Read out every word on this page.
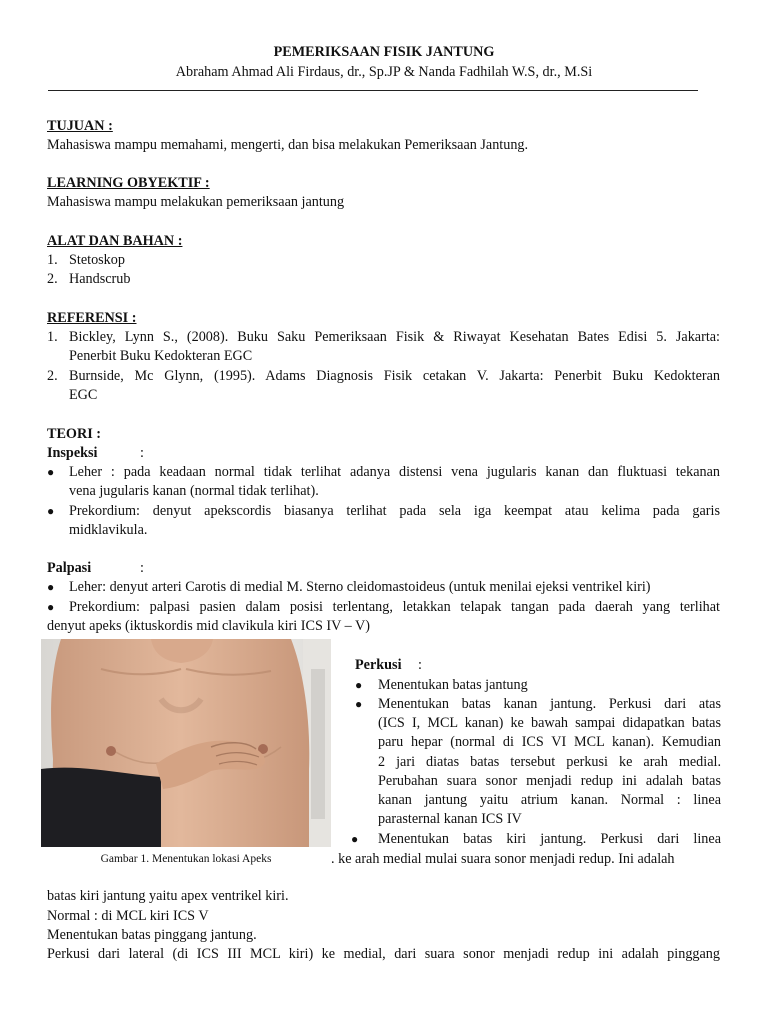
PEMERIKSAAN FISIK JANTUNG
Abraham Ahmad Ali Firdaus, dr., Sp.JP & Nanda Fadhilah W.S, dr., M.Si
TUJUAN :
Mahasiswa mampu memahami, mengerti, dan bisa melakukan Pemeriksaan Jantung.
LEARNING OBYEKTIF :
Mahasiswa mampu melakukan pemeriksaan jantung
ALAT DAN BAHAN :
1. Stetoskop
2. Handscrub
REFERENSI :
1. Bickley, Lynn S., (2008). Buku Saku Pemeriksaan Fisik & Riwayat Kesehatan Bates Edisi 5. Jakarta:
Penerbit Buku Kedokteran EGC
2. Burnside, Mc Glynn, (1995). Adams Diagnosis Fisik cetakan V. Jakarta: Penerbit Buku Kedokteran
EGC
TEORI :
Inspeksi	:
● Leher : pada keadaan normal tidak terlihat adanya distensi vena jugularis kanan dan fluktuasi tekanan
vena jugularis kanan (normal tidak terlihat).
● Prekordium: denyut apekscordis biasanya terlihat pada sela iga keempat atau kelima pada garis
midklavikula.
Palpasi	:
● Leher: denyut arteri Carotis di medial M. Sterno cleidomastoideus (untuk menilai ejeksi ventrikel kiri)
● Prekordium: palpasi pasien dalam posisi terlentang, letakkan telapak tangan pada daerah yang terlihat
denyut apeks (iktuskordis mid clavikula kiri ICS IV – V)
Gambar 1. Menentukan lokasi Apeks
Perkusi :
● Menentukan batas jantung
● Menentukan batas kanan jantung. Perkusi dari atas
(ICS I, MCL kanan) ke bawah sampai didapatkan batas
paru hepar (normal di ICS VI MCL kanan). Kemudian
2 jari diatas batas tersebut perkusi ke arah medial.
Perubahan suara sonor menjadi redup ini adalah batas
kanan jantung yaitu atrium kanan. Normal : linea
parasternal kanan ICS IV
● Menentukan batas kiri jantung. Perkusi dari linea
. ke arah medial mulai suara sonor menjadi redup. Ini adalah
batas kiri jantung yaitu apex ventrikel kiri.
Normal : di MCL kiri ICS V
Menentukan batas pinggang jantung.
Perkusi dari lateral (di ICS III MCL kiri) ke medial, dari suara sonor menjadi redup ini adalah pinggang
